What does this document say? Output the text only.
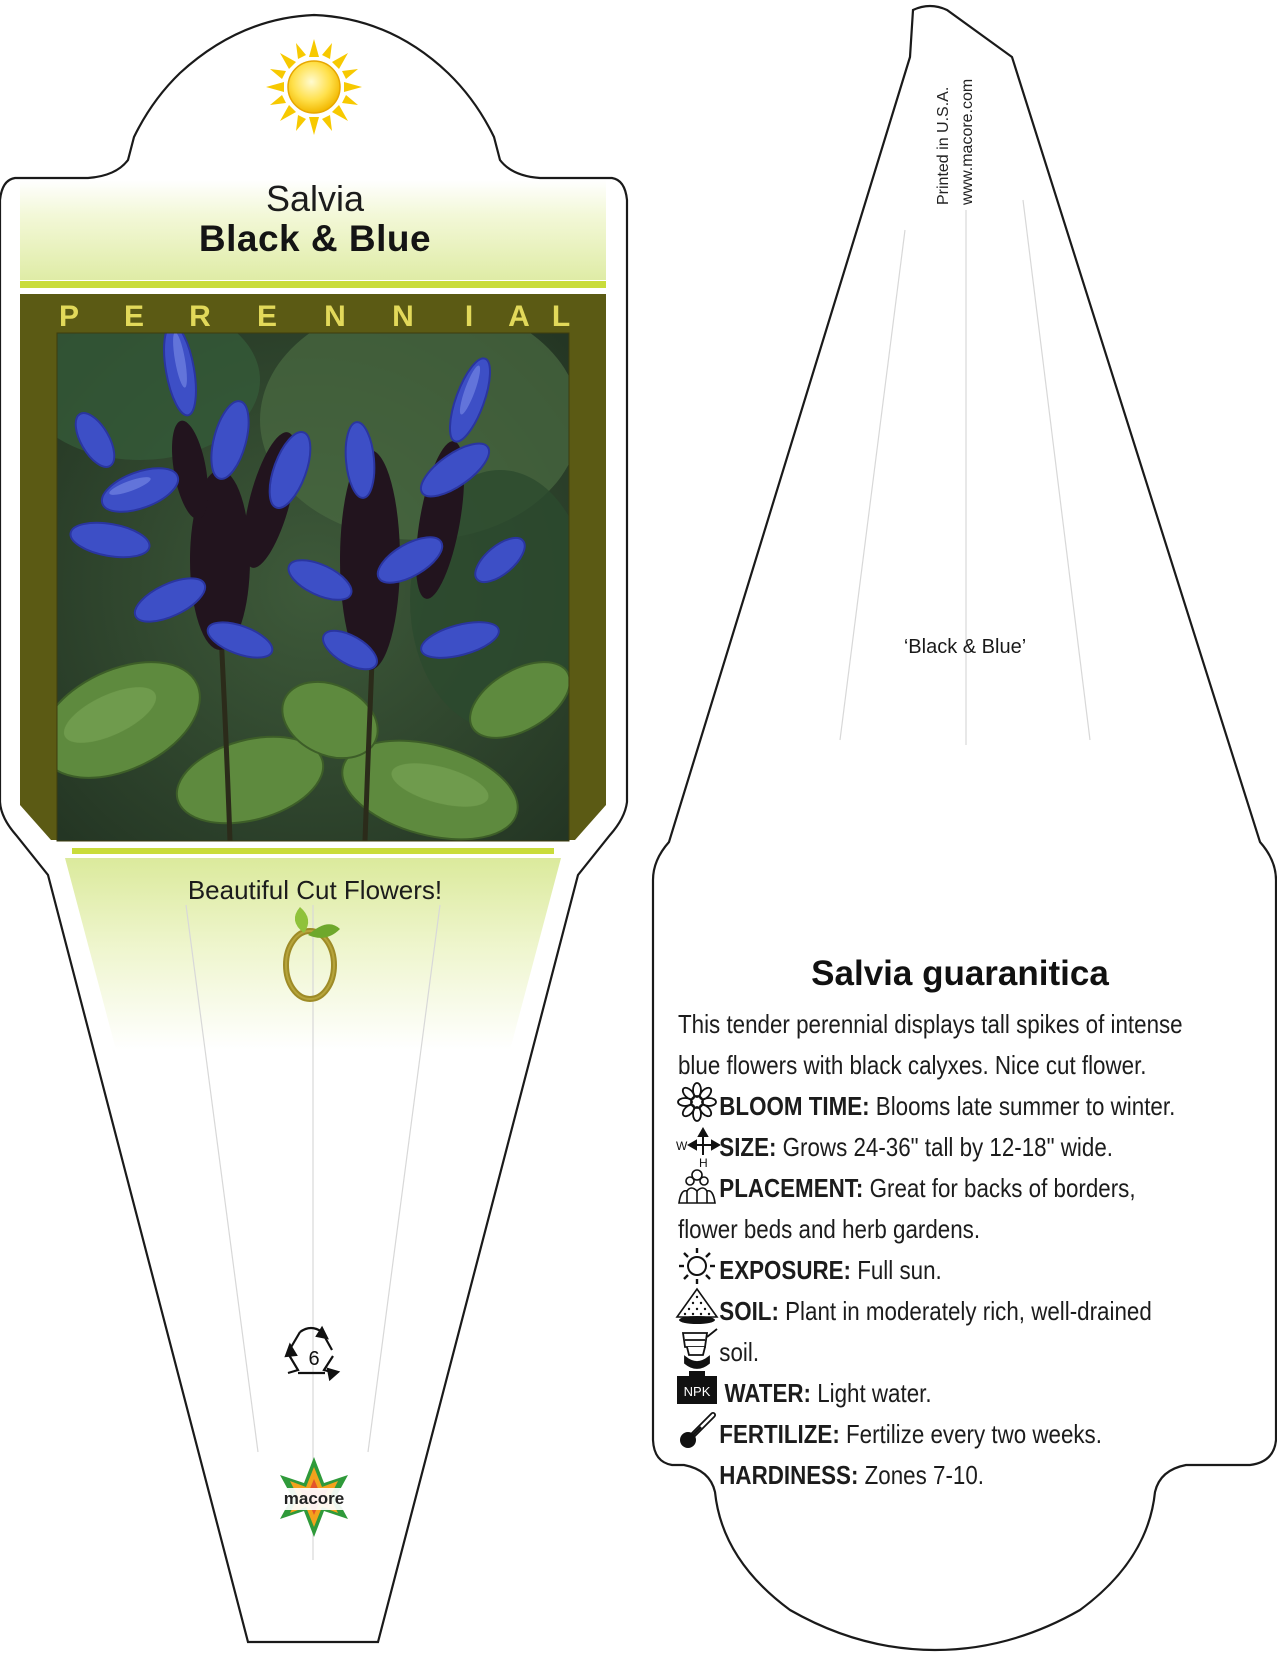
W
H
NPK
Salvia
Black & Blue
P E R E N N I A L
Beautiful Cut Flowers!
6
macore
Printed in U.S.A. www.macore.com
‘Black & Blue’
Salvia guaranitica

This tender perennial displays tall spikes of intense blue flowers with black calyxes. Nice cut flower.

BLOOM TIME: Blooms late summer to winter.

SIZE: Grows 24-36" tall by 12-18" wide.

PLACEMENT: Great for backs of borders, flower beds and herb gardens.

EXPOSURE: Full sun.

SOIL: Plant in moderately rich, well-drained soil.

WATER: Light water.

FERTILIZE: Fertilize every two weeks.

HARDINESS: Zones 7-10.
